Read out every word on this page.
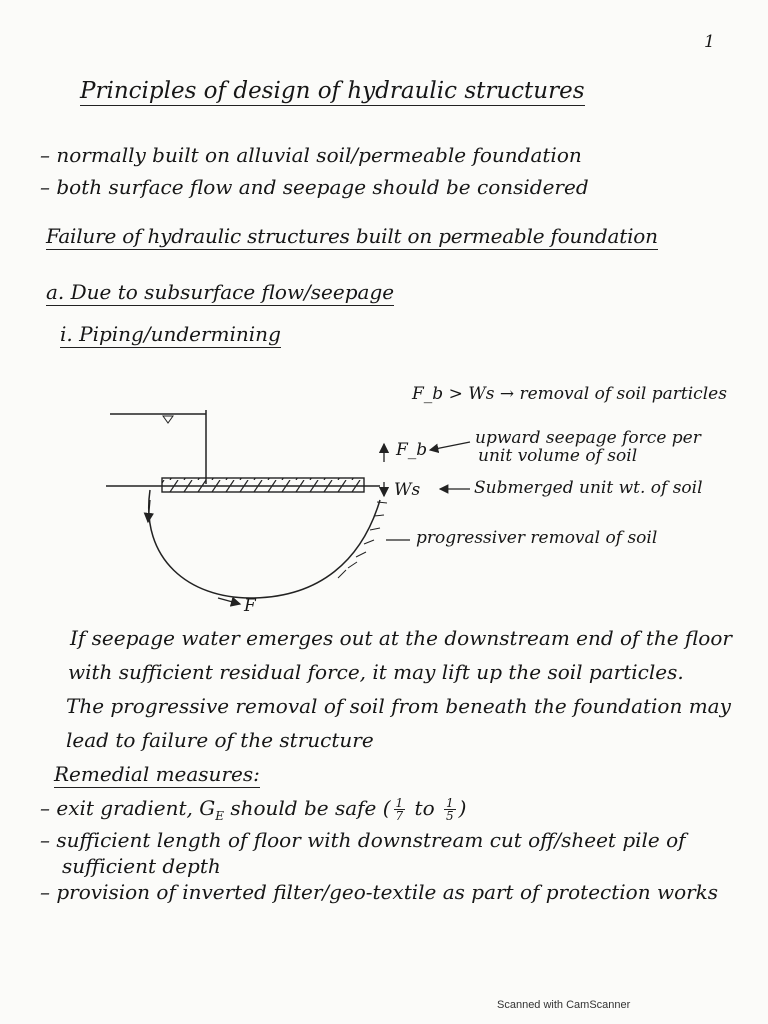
1
Principles of design of hydraulic structures
– normally built on alluvial soil/permeable foundation
– both surface flow and seepage should be considered
Failure of hydraulic structures built on permeable foundation
a. Due to subsurface flow/seepage
i. Piping/undermining
F_b > Ws → removal of soil particles
F_b
upward seepage force per
unit volume of soil
Ws	Submerged unit wt. of soil
progressiver removal of soil
F
If seepage water emerges out at the downstream end of the floor
with sufficient residual force, it may lift up the soil particles.
The progressive removal of soil from beneath the foundation may
lead to failure of the structure
Remedial measures:
– exit gradient, $G_E$ should be safe ( $\frac{1}{7}$ to $\frac{1}{5}$ )
– sufficient length of floor with downstream cut off/sheet pile of
sufficient depth
– provision of inverted filter/geo-textile as part of protection works
Scanned with CamScanner
